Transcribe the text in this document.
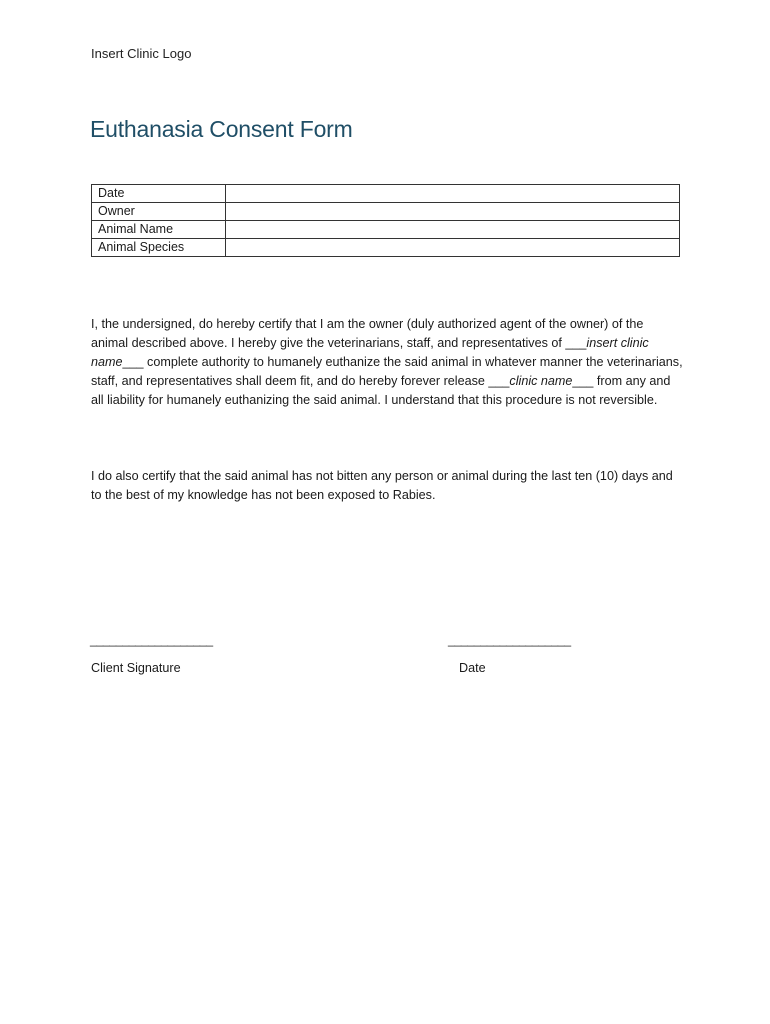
Insert Clinic Logo
Euthanasia Consent Form
Date	
Owner	
Animal Name	
Animal Species	

I, the undersigned, do hereby certify that I am the owner (duly authorized agent of the owner) of the animal described above. I hereby give the veterinarians, staff, and representatives of ___insert clinic name___ complete authority to humanely euthanize the said animal in whatever manner the veterinarians, staff, and representatives shall deem fit, and do hereby forever release ___clinic name___ from any and all liability for humanely euthanizing the said animal. I understand that this procedure is not reversible.

I do also certify that the said animal has not bitten any person or animal during the last ten (10) days and to the best of my knowledge has not been exposed to Rabies.

___________________	___________________
Client Signature	Date
